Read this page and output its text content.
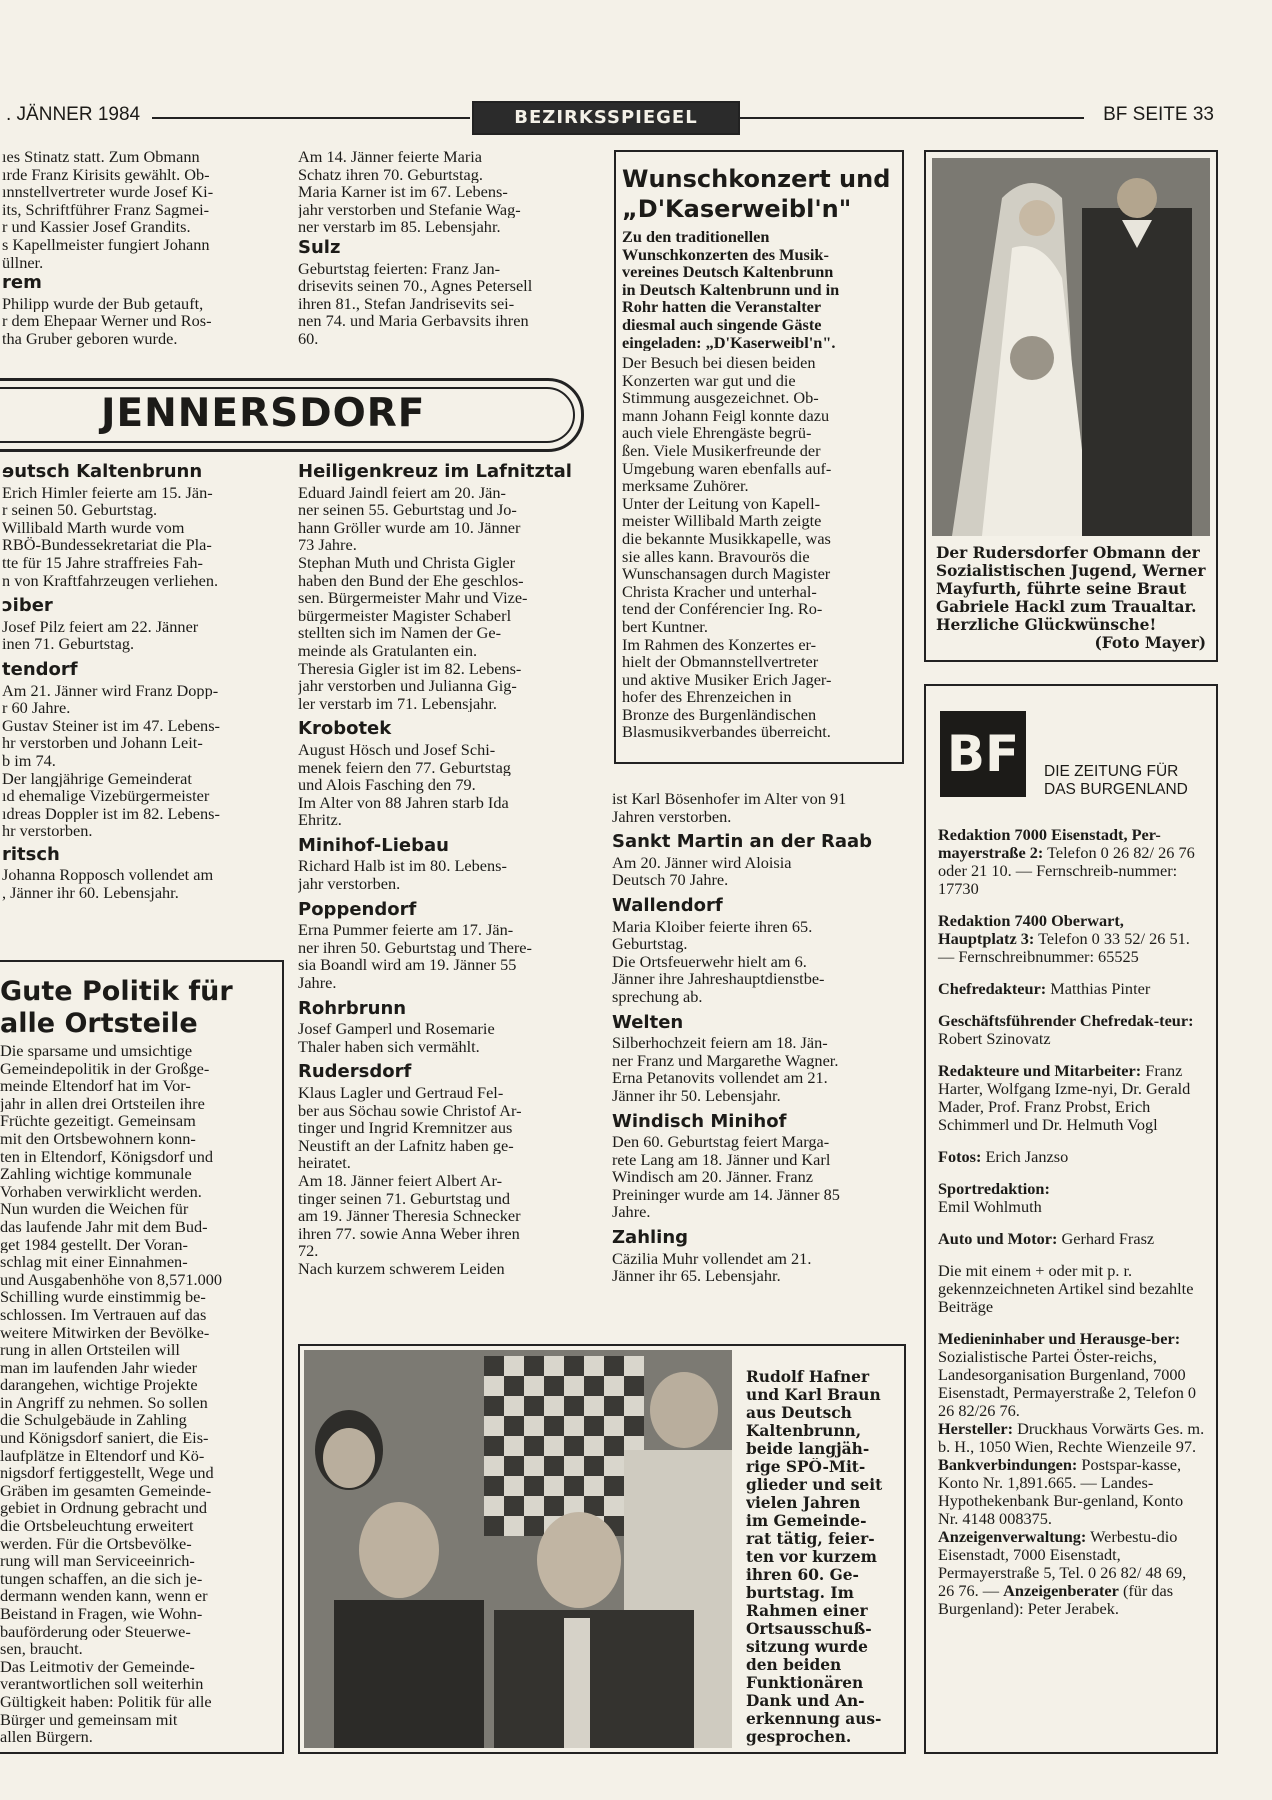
. JÄNNER 1984	BEZIRKSSPIEGEL	BF SEITE 33
ıes Stinatz statt. Zum Obmann
ırde Franz Kirisits gewählt. Ob-
ınnstellvertreter wurde Josef Ki-
its, Schriftführer Franz Sagmei-
r und Kassier Josef Grandits.
s Kapellmeister fungiert Johann
üllner.
rem
Philipp wurde der Bub getauft,
r dem Ehepaar Werner und Ros-
tha Gruber geboren wurde.
Am 14. Jänner feierte Maria
Schatz ihren 70. Geburtstag.
Maria Karner ist im 67. Lebens-
jahr verstorben und Stefanie Wag-
ner verstarb im 85. Lebensjahr.
Sulz
Geburtstag feierten: Franz Jan-
drisevits seinen 70., Agnes Petersell
ihren 81., Stefan Jandrisevits sei-
nen 74. und Maria Gerbavsits ihren
60.
JENNERSDORF
ɘutsch Kaltenbrunn
Erich Himler feierte am 15. Jän-
r seinen 50. Geburtstag.
Willibald Marth wurde vom
RBÖ-Bundessekretariat die Pla-
tte für 15 Jahre straffreies Fah-
n von Kraftfahrzeugen verliehen.
ɔiber
Josef Pilz feiert am 22. Jänner
inen 71. Geburtstag.
tendorf
Am 21. Jänner wird Franz Dopp-
r 60 Jahre.
Gustav Steiner ist im 47. Lebens-
hr verstorben und Johann Leit-
b im 74.
Der langjährige Gemeinderat
ıd ehemalige Vizebürgermeister
ıdreas Doppler ist im 82. Lebens-
hr verstorben.
ritsch
Johanna Ropposch vollendet am
, Jänner ihr 60. Lebensjahr.
Gute Politik für
alle Ortsteile
Die sparsame und umsichtige
Gemeindepolitik in der Großge-
meinde Eltendorf hat im Vor-
jahr in allen drei Ortsteilen ihre
Früchte gezeitigt. Gemeinsam
mit den Ortsbewohnern konn-
ten in Eltendorf, Königsdorf und
Zahling wichtige kommunale
Vorhaben verwirklicht werden.
Nun wurden die Weichen für
das laufende Jahr mit dem Bud-
get 1984 gestellt. Der Voran-
schlag mit einer Einnahmen-
und Ausgabenhöhe von 8,571.000
Schilling wurde einstimmig be-
schlossen. Im Vertrauen auf das
weitere Mitwirken der Bevölke-
rung in allen Ortsteilen will
man im laufenden Jahr wieder
darangehen, wichtige Projekte
in Angriff zu nehmen. So sollen
die Schulgebäude in Zahling
und Königsdorf saniert, die Eis-
laufplätze in Eltendorf und Kö-
nigsdorf fertiggestellt, Wege und
Gräben im gesamten Gemeinde-
gebiet in Ordnung gebracht und
die Ortsbeleuchtung erweitert
werden. Für die Ortsbevölke-
rung will man Serviceeinrich-
tungen schaffen, an die sich je-
dermann wenden kann, wenn er
Beistand in Fragen, wie Wohn-
bauförderung oder Steuerwe-
sen, braucht.
Das Leitmotiv der Gemeinde-
verantwortlichen soll weiterhin
Gültigkeit haben: Politik für alle
Bürger und gemeinsam mit
allen Bürgern.
Heiligenkreuz im Lafnitztal
Eduard Jaindl feiert am 20. Jän-
ner seinen 55. Geburtstag und Jo-
hann Gröller wurde am 10. Jänner
73 Jahre.
Stephan Muth und Christa Gigler
haben den Bund der Ehe geschlos-
sen. Bürgermeister Mahr und Vize-
bürgermeister Magister Schaberl
stellten sich im Namen der Ge-
meinde als Gratulanten ein.
Theresia Gigler ist im 82. Lebens-
jahr verstorben und Julianna Gig-
ler verstarb im 71. Lebensjahr.
Krobotek
August Hösch und Josef Schi-
menek feiern den 77. Geburtstag
und Alois Fasching den 79.
Im Alter von 88 Jahren starb Ida
Ehritz.
Minihof-Liebau
Richard Halb ist im 80. Lebens-
jahr verstorben.
Poppendorf
Erna Pummer feierte am 17. Jän-
ner ihren 50. Geburtstag und There-
sia Boandl wird am 19. Jänner 55
Jahre.
Rohrbrunn
Josef Gamperl und Rosemarie
Thaler haben sich vermählt.
Rudersdorf
Klaus Lagler und Gertraud Fel-
ber aus Söchau sowie Christof Ar-
tinger und Ingrid Kremnitzer aus
Neustift an der Lafnitz haben ge-
heiratet.
Am 18. Jänner feiert Albert Ar-
tinger seinen 71. Geburtstag und
am 19. Jänner Theresia Schnecker
ihren 77. sowie Anna Weber ihren
72.
Nach kurzem schwerem Leiden
Wunschkonzert und
„D'Kaserweibl'n"
Zu den traditionellen
Wunschkonzerten des Musik-
vereines Deutsch Kaltenbrunn
in Deutsch Kaltenbrunn und in
Rohr hatten die Veranstalter
diesmal auch singende Gäste
eingeladen: „D'Kaserweibl'n".
Der Besuch bei diesen beiden
Konzerten war gut und die
Stimmung ausgezeichnet. Ob-
mann Johann Feigl konnte dazu
auch viele Ehrengäste begrü-
ßen. Viele Musikerfreunde der
Umgebung waren ebenfalls auf-
merksame Zuhörer.
Unter der Leitung von Kapell-
meister Willibald Marth zeigte
die bekannte Musikkapelle, was
sie alles kann. Bravourös die
Wunschansagen durch Magister
Christa Kracher und unterhal-
tend der Conférencier Ing. Ro-
bert Kuntner.
Im Rahmen des Konzertes er-
hielt der Obmannstellvertreter
und aktive Musiker Erich Jager-
hofer des Ehrenzeichen in
Bronze des Burgenländischen
Blasmusikverbandes überreicht.
ist Karl Bösenhofer im Alter von 91
Jahren verstorben.
Sankt Martin an der Raab
Am 20. Jänner wird Aloisia
Deutsch 70 Jahre.
Wallendorf
Maria Kloiber feierte ihren 65.
Geburtstag.
Die Ortsfeuerwehr hielt am 6.
Jänner ihre Jahreshauptdienstbe-
sprechung ab.
Welten
Silberhochzeit feiern am 18. Jän-
ner Franz und Margarethe Wagner.
Erna Petanovits vollendet am 21.
Jänner ihr 50. Lebensjahr.
Windisch Minihof
Den 60. Geburtstag feiert Marga-
rete Lang am 18. Jänner und Karl
Windisch am 20. Jänner. Franz
Preininger wurde am 14. Jänner 85
Jahre.
Zahling
Cäzilia Muhr vollendet am 21.
Jänner ihr 65. Lebensjahr.
Der Rudersdorfer Obmann der
Sozialistischen Jugend, Werner
Mayfurth, führte seine Braut
Gabriele Hackl zum Traualtar.
Herzliche Glückwünsche!
(Foto Mayer)
BF	DIE ZEITUNG FÜR
DAS BURGENLAND

Redaktion 7000 Eisenstadt, Per- mayerstraße 2: Telefon 0 26 82/ 26 76 oder 21 10. — Fernschreib-nummer: 17730

Redaktion 7400 Oberwart, Hauptplatz 3: Telefon 0 33 52/ 26 51. — Fernschreibnummer: 65525

Chefredakteur: Matthias Pinter

Geschäftsführender Chefredak-teur:
Robert Szinovatz

Redakteure und Mitarbeiter: Franz Harter, Wolfgang Izme-nyi, Dr. Gerald Mader, Prof. Franz Probst, Erich Schimmerl und Dr. Helmuth Vogl

Fotos: Erich Janzso

Sportredaktion:
Emil Wohlmuth

Auto und Motor: Gerhard Frasz

Die mit einem + oder mit p. r. gekennzeichneten Artikel sind bezahlte Beiträge

Medieninhaber und Herausge-ber: Sozialistische Partei Öster-reichs, Landesorganisation Burgenland, 7000 Eisenstadt, Permayerstraße 2, Telefon 0 26 82/26 76.

Hersteller: Druckhaus Vorwärts Ges. m. b. H., 1050 Wien, Rechte Wienzeile 97.

Bankverbindungen: Postspar-kasse, Konto Nr. 1,891.665. — Landes-Hypothekenbank Bur-genland, Konto Nr. 4148 008375.

Anzeigenverwaltung: Werbestu-dio Eisenstadt, 7000 Eisenstadt, Permayerstraße 5, Tel. 0 26 82/ 48 69, 26 76. — Anzeigenberater (für das Burgenland): Peter Jerabek.

Rudolf Hafner
und Karl Braun
aus Deutsch
Kaltenbrunn,
beide langjäh-
rige SPÖ-Mit-
glieder und seit
vielen Jahren
im Gemeinde-
rat tätig, feier-
ten vor kurzem
ihren 60. Ge-
burtstag. Im
Rahmen einer
Ortsausschuß-
sitzung wurde
den beiden
Funktionären
Dank und An-
erkennung aus-
gesprochen.
